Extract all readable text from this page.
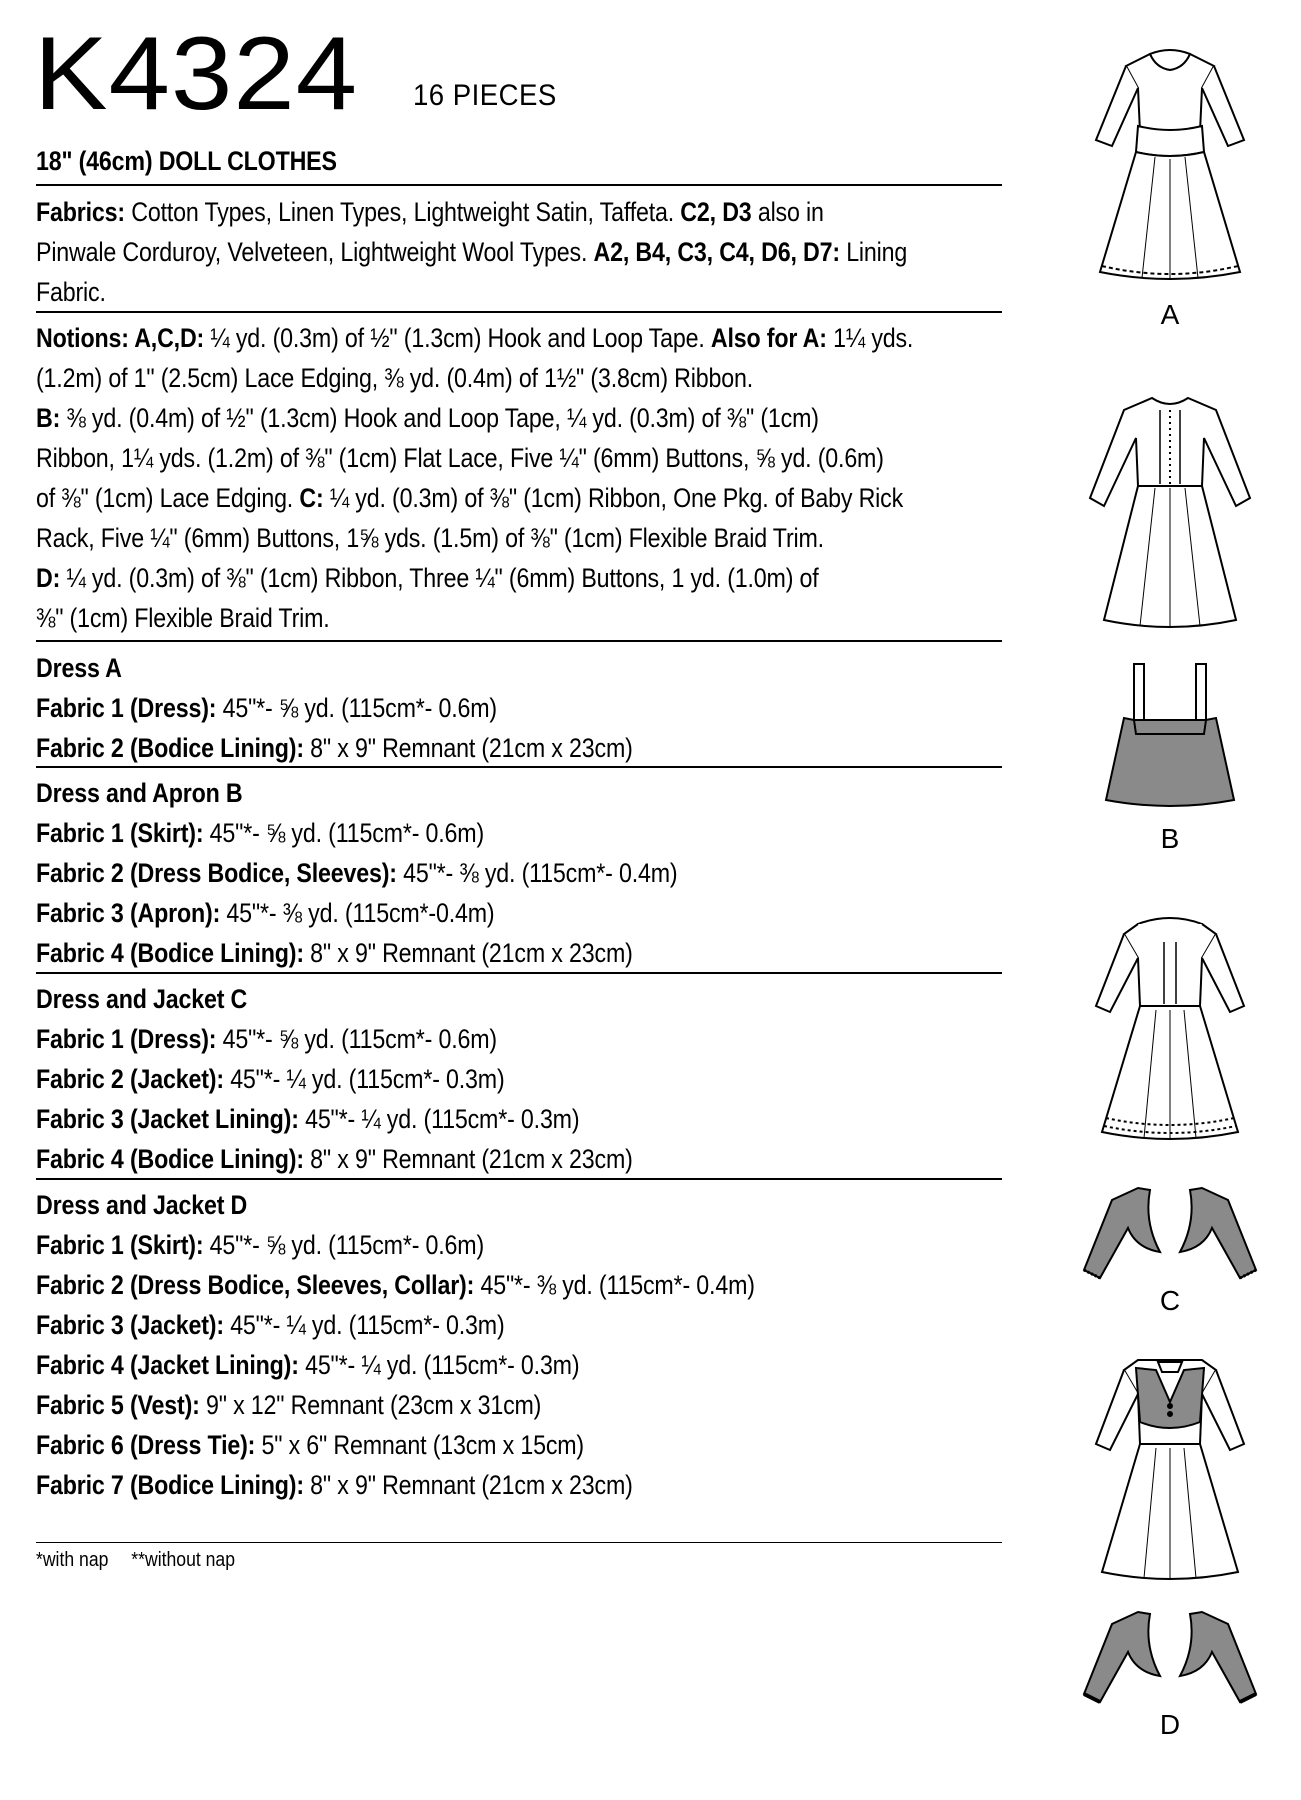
K4324 16 PIECES
18" (46cm) DOLL CLOTHES
Fabrics: Cotton Types, Linen Types, Lightweight Satin, Taffeta. C2, D3 also in
Pinwale Corduroy, Velveteen, Lightweight Wool Types. A2, B4, C3, C4, D6, D7: Lining
Fabric.
Notions: A,C,D: ¼ yd. (0.3m) of ½" (1.3cm) Hook and Loop Tape. Also for A: 1¼ yds.
(1.2m) of 1" (2.5cm) Lace Edging, ⅜ yd. (0.4m) of 1½" (3.8cm) Ribbon.
B: ⅜ yd. (0.4m) of ½" (1.3cm) Hook and Loop Tape, ¼ yd. (0.3m) of ⅜" (1cm)
Ribbon, 1¼ yds. (1.2m) of ⅜" (1cm) Flat Lace, Five ¼" (6mm) Buttons, ⅝ yd. (0.6m)
of ⅜" (1cm) Lace Edging. C: ¼ yd. (0.3m) of ⅜" (1cm) Ribbon, One Pkg. of Baby Rick
Rack, Five ¼" (6mm) Buttons, 1⅝ yds. (1.5m) of ⅜" (1cm) Flexible Braid Trim.
D: ¼ yd. (0.3m) of ⅜" (1cm) Ribbon, Three ¼" (6mm) Buttons, 1 yd. (1.0m) of
⅜" (1cm) Flexible Braid Trim.
Dress A
Fabric 1 (Dress): 45"*- ⅝ yd. (115cm*- 0.6m)
Fabric 2 (Bodice Lining): 8" x 9" Remnant (21cm x 23cm)
Dress and Apron B
Fabric 1 (Skirt): 45"*- ⅝ yd. (115cm*- 0.6m)
Fabric 2 (Dress Bodice, Sleeves): 45"*- ⅜ yd. (115cm*- 0.4m)
Fabric 3 (Apron): 45"*- ⅜ yd. (115cm*-0.4m)
Fabric 4 (Bodice Lining): 8" x 9" Remnant (21cm x 23cm)
Dress and Jacket C
Fabric 1 (Dress): 45"*- ⅝ yd. (115cm*- 0.6m)
Fabric 2 (Jacket): 45"*- ¼ yd. (115cm*- 0.3m)
Fabric 3 (Jacket Lining): 45"*- ¼ yd. (115cm*- 0.3m)
Fabric 4 (Bodice Lining): 8" x 9" Remnant (21cm x 23cm)
Dress and Jacket D
Fabric 1 (Skirt): 45"*- ⅝ yd. (115cm*- 0.6m)
Fabric 2 (Dress Bodice, Sleeves, Collar): 45"*- ⅜ yd. (115cm*- 0.4m)
Fabric 3 (Jacket): 45"*- ¼ yd. (115cm*- 0.3m)
Fabric 4 (Jacket Lining): 45"*- ¼ yd. (115cm*- 0.3m)
Fabric 5 (Vest): 9" x 12" Remnant (23cm x 31cm)
Fabric 6 (Dress Tie): 5" x 6" Remnant (13cm x 15cm)
Fabric 7 (Bodice Lining): 8" x 9" Remnant (21cm x 23cm)
*with nap **without nap
A
B
C
D
